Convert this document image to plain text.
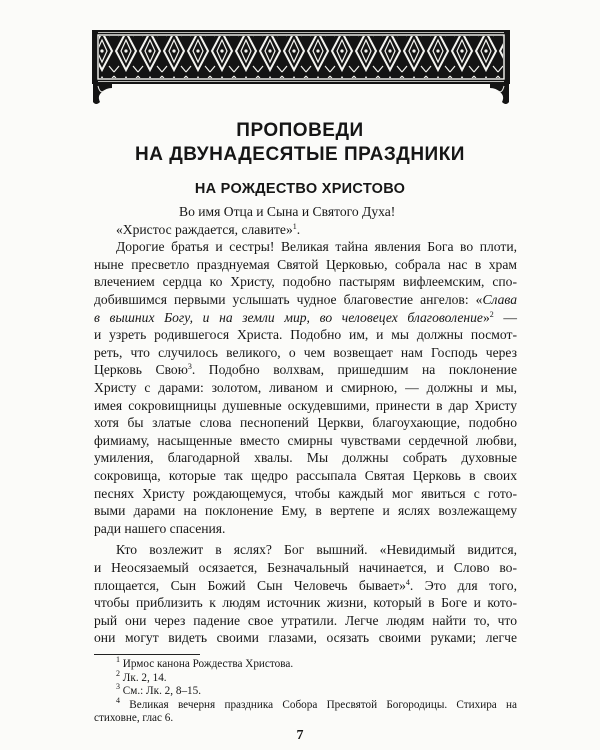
ПРОПОВЕДИ
НА ДВУНАДЕСЯТЫЕ ПРАЗДНИКИ
НА РОЖДЕСТВО ХРИСТОВО
Во имя Отца и Сына и Святого Духа!
«Христос раждается, славите»$^1$.
Дорогие братья и сестры! Великая тайна явления Бога во плоти,
ныне пресветло празднуемая Святой Церковью, собрала нас в храм
влечением сердца ко Христу, подобно пастырям вифлеемским, спо-
добившимся первыми услышать чудное благовестие ангелов: «Слава
в вышних Богу, и на земли мир, во человецех благоволение»$^2$ —
и узреть родившегося Христа. Подобно им, и мы должны посмот-
реть, что случилось великого, о чем возвещает нам Господь через
Церковь Свою$^3$. Подобно волхвам, пришедшим на поклонение
Христу с дарами: золотом, ливаном и смирною, — должны и мы,
имея сокровищницы душевные оскудевшими, принести в дар Христу
хотя бы златые слова песнопений Церкви, благоухающие, подобно
фимиаму, насыщенные вместо смирны чувствами сердечной любви,
умиления, благодарной хвалы. Мы должны собрать духовные
сокровища, которые так щедро рассыпала Святая Церковь в своих
песнях Христу рождающемуся, чтобы каждый мог явиться с гото-
выми дарами на поклонение Ему, в вертепе и яслях возлежащему
ради нашего спасения.
Кто возлежит в яслях? Бог вышний. «Невидимый видится,
и Неосязаемый осязается, Безначальный начинается, и Слово во-
площается, Сын Божий Сын Человечь бывает»$^4$. Это для того,
чтобы приблизить к людям источник жизни, который в Боге и кото-
рый они через падение свое утратили. Легче людям найти то, что
они могут видеть своими глазами, осязать своими руками; легче
$^1$ Ирмос канона Рождества Христова.
7
$^2$ Лк. 2, 14.
$^3$ См.: Лк. 2, 8–15.
$^4$ Великая вечерня праздника Собора Пресвятой Богородицы. Стихира на
стиховне, глас 6.
